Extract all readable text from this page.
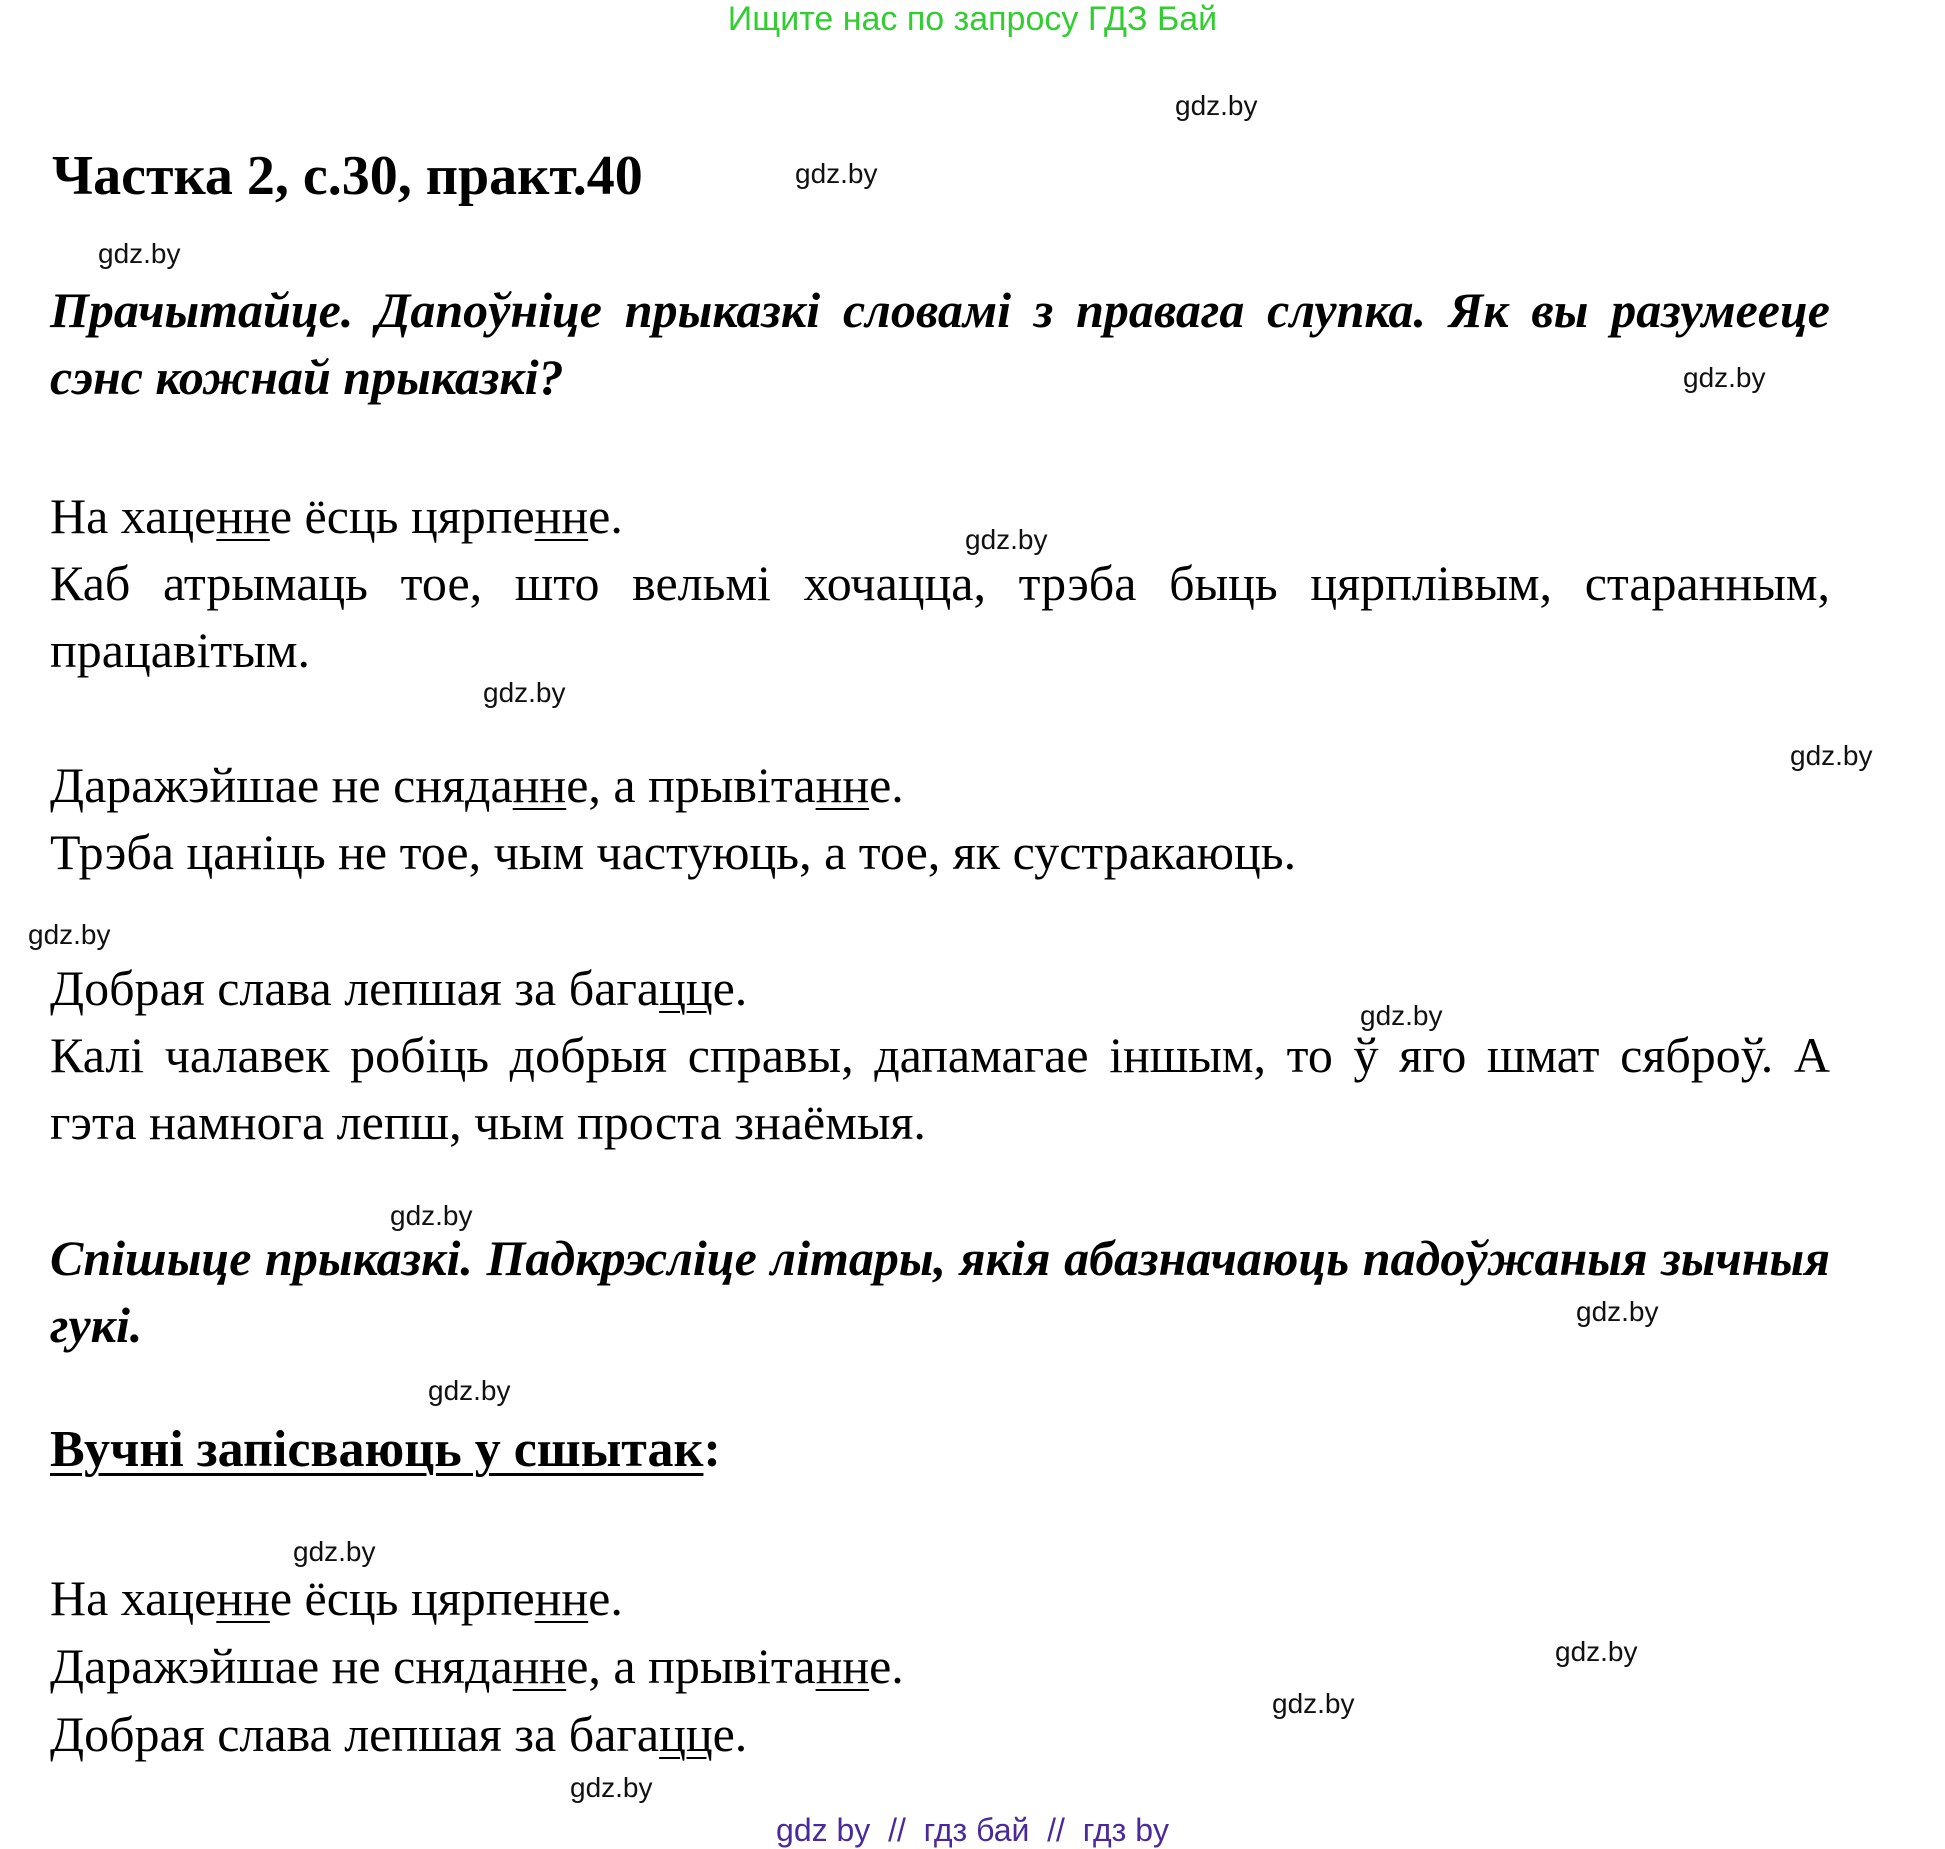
Ищите нас по запросу ГДЗ Бай
gdz.by
gdz.by
gdz.by
gdz.by
gdz.by
gdz.by
gdz.by
gdz.by
gdz.by
gdz.by
gdz.by
gdz.by
gdz.by
gdz.by
gdz.by
gdz.by
Частка 2, с.30, практ.40

Прачытайце. Дапоўніце прыказкі словамі з правага слупка. Як вы разумееце сэнс кожнай прыказкі?

На хаценне ёсць цярпенне.

Каб атрымаць тое, што вельмі хочацца, трэба быць цярплівым, старанным, працавітым.

Даражэйшае не сняданне, а прывітанне.

Трэба цаніць не тое, чым частуюць, а тое, як сустракаюць.

Добрая слава лепшая за багацце.

Калі чалавек робіць добрыя справы, дапамагае іншым, то ў яго шмат сяброў. А гэта намнога лепш, чым проста знаёмыя.

Спішыце прыказкі. Падкрэсліце літары, якія абазначаюць падоўжаныя зычныя гукі.

Вучні запісваюць у сшытак:

На хаценне ёсць цярпенне.

Даражэйшае не сняданне, а прывітанне.

Добрая слава лепшая за багацце.

gdz by  //  гдз бай  //  гдз by
